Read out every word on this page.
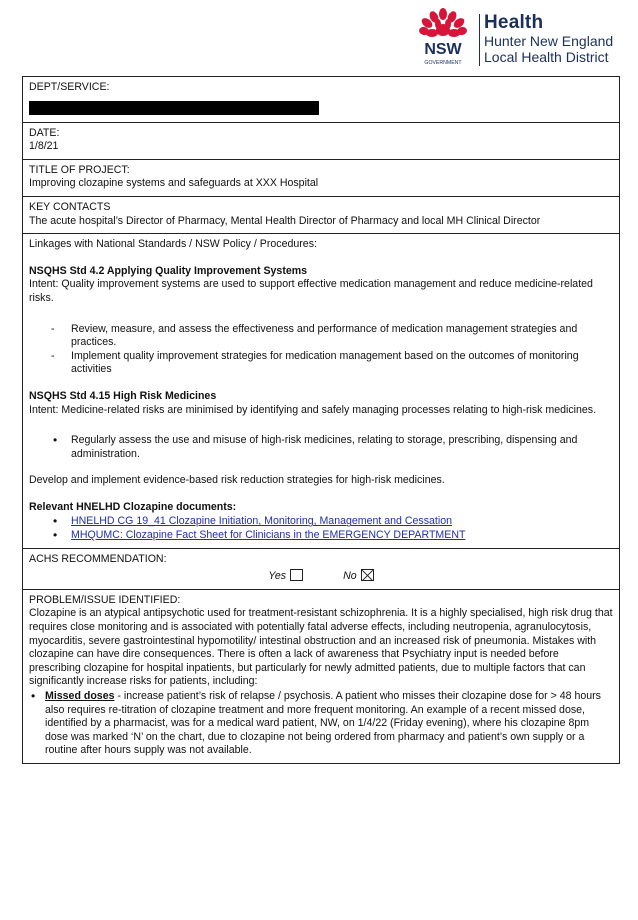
NSW
GOVERNMENT
Health
Hunter New England
Local Health District
DEPT/SERVICE:
DATE:
1/8/21
TITLE OF PROJECT:
Improving clozapine systems and safeguards at XXX Hospital
KEY CONTACTS
The acute hospital’s Director of Pharmacy, Mental Health Director of Pharmacy and local MH Clinical Director
Linkages with National Standards / NSW Policy / Procedures:
NSQHS Std 4.2 Applying Quality Improvement Systems
Intent: Quality improvement systems are used to support effective medication management and reduce medicine-related risks.
- Review, measure, and assess the effectiveness and performance of medication management strategies and practices.
- Implement quality improvement strategies for medication management based on the outcomes of monitoring activities
NSQHS Std 4.15 High Risk Medicines
Intent: Medicine-related risks are minimised by identifying and safely managing processes relating to high-risk medicines.
• Regularly assess the use and misuse of high-risk medicines, relating to storage, prescribing, dispensing and administration.
Develop and implement evidence-based risk reduction strategies for high-risk medicines.
Relevant HNELHD Clozapine documents:
• HNELHD CG 19_41 Clozapine Initiation, Monitoring, Management and Cessation
• MHQUMC: Clozapine Fact Sheet for Clinicians in the EMERGENCY DEPARTMENT
ACHS RECOMMENDATION:
Yes	No
PROBLEM/ISSUE IDENTIFIED:
Clozapine is an atypical antipsychotic used for treatment-resistant schizophrenia. It is a highly specialised, high risk drug that requires close monitoring and is associated with potentially fatal adverse effects, including neutropenia, agranulocytosis, myocarditis, severe gastrointestinal hypomotility/ intestinal obstruction and an increased risk of pneumonia. Mistakes with clozapine can have dire consequences. There is often a lack of awareness that Psychiatry input is needed before prescribing clozapine for hospital inpatients, but particularly for newly admitted patients, due to multiple factors that can significantly increase risks for patients, including:
• Missed doses - increase patient’s risk of relapse / psychosis. A patient who misses their clozapine dose for > 48 hours also requires re-titration of clozapine treatment and more frequent monitoring. An example of a recent missed dose, identified by a pharmacist, was for a medical ward patient, NW, on 1/4/22 (Friday evening), where his clozapine 8pm dose was marked ‘N’ on the chart, due to clozapine not being ordered from pharmacy and patient’s own supply or a routine after hours supply was not available.
